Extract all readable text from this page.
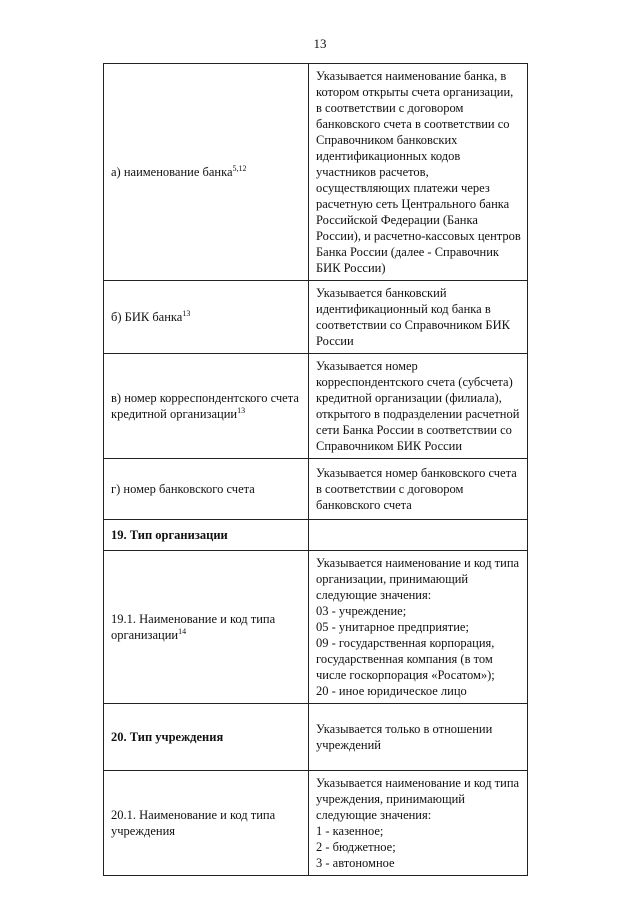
13
а) наименование банка$^{5,12}$	Указывается наименование банка, в котором открыты счета организации, в соответствии с договором банковского счета в соответствии со Справочником банковских идентификационных кодов участников расчетов, осуществляющих платежи через расчетную сеть Центрального банка Российской Федерации (Банка России), и расчетно-кассовых центров Банка России (далее - Справочник БИК России)
б) БИК банка$^{13}$	Указывается банковский идентификационный код банка в соответствии со Справочником БИК России
в) номер корреспондентского счета кредитной организации$^{13}$	Указывается номер корреспондентского счета (субсчета) кредитной организации (филиала), открытого в подразделении расчетной сети Банка России в соответствии со Справочником БИК России
г) номер банковского счета	Указывается номер банковского счета в соответствии с договором банковского счета
19. Тип организации	
19.1. Наименование и код типа организации$^{14}$	Указывается наименование и код типа организации, принимающий следующие значения:
03 - учреждение;
05 - унитарное предприятие;
09 - государственная корпорация, государственная компания (в том числе госкорпорация «Росатом»);
20 - иное юридическое лицо
20. Тип учреждения	Указывается только в отношении учреждений
20.1. Наименование и код типа учреждения	Указывается наименование и код типа учреждения, принимающий следующие значения:
1 - казенное;
2 - бюджетное;
3 - автономное
